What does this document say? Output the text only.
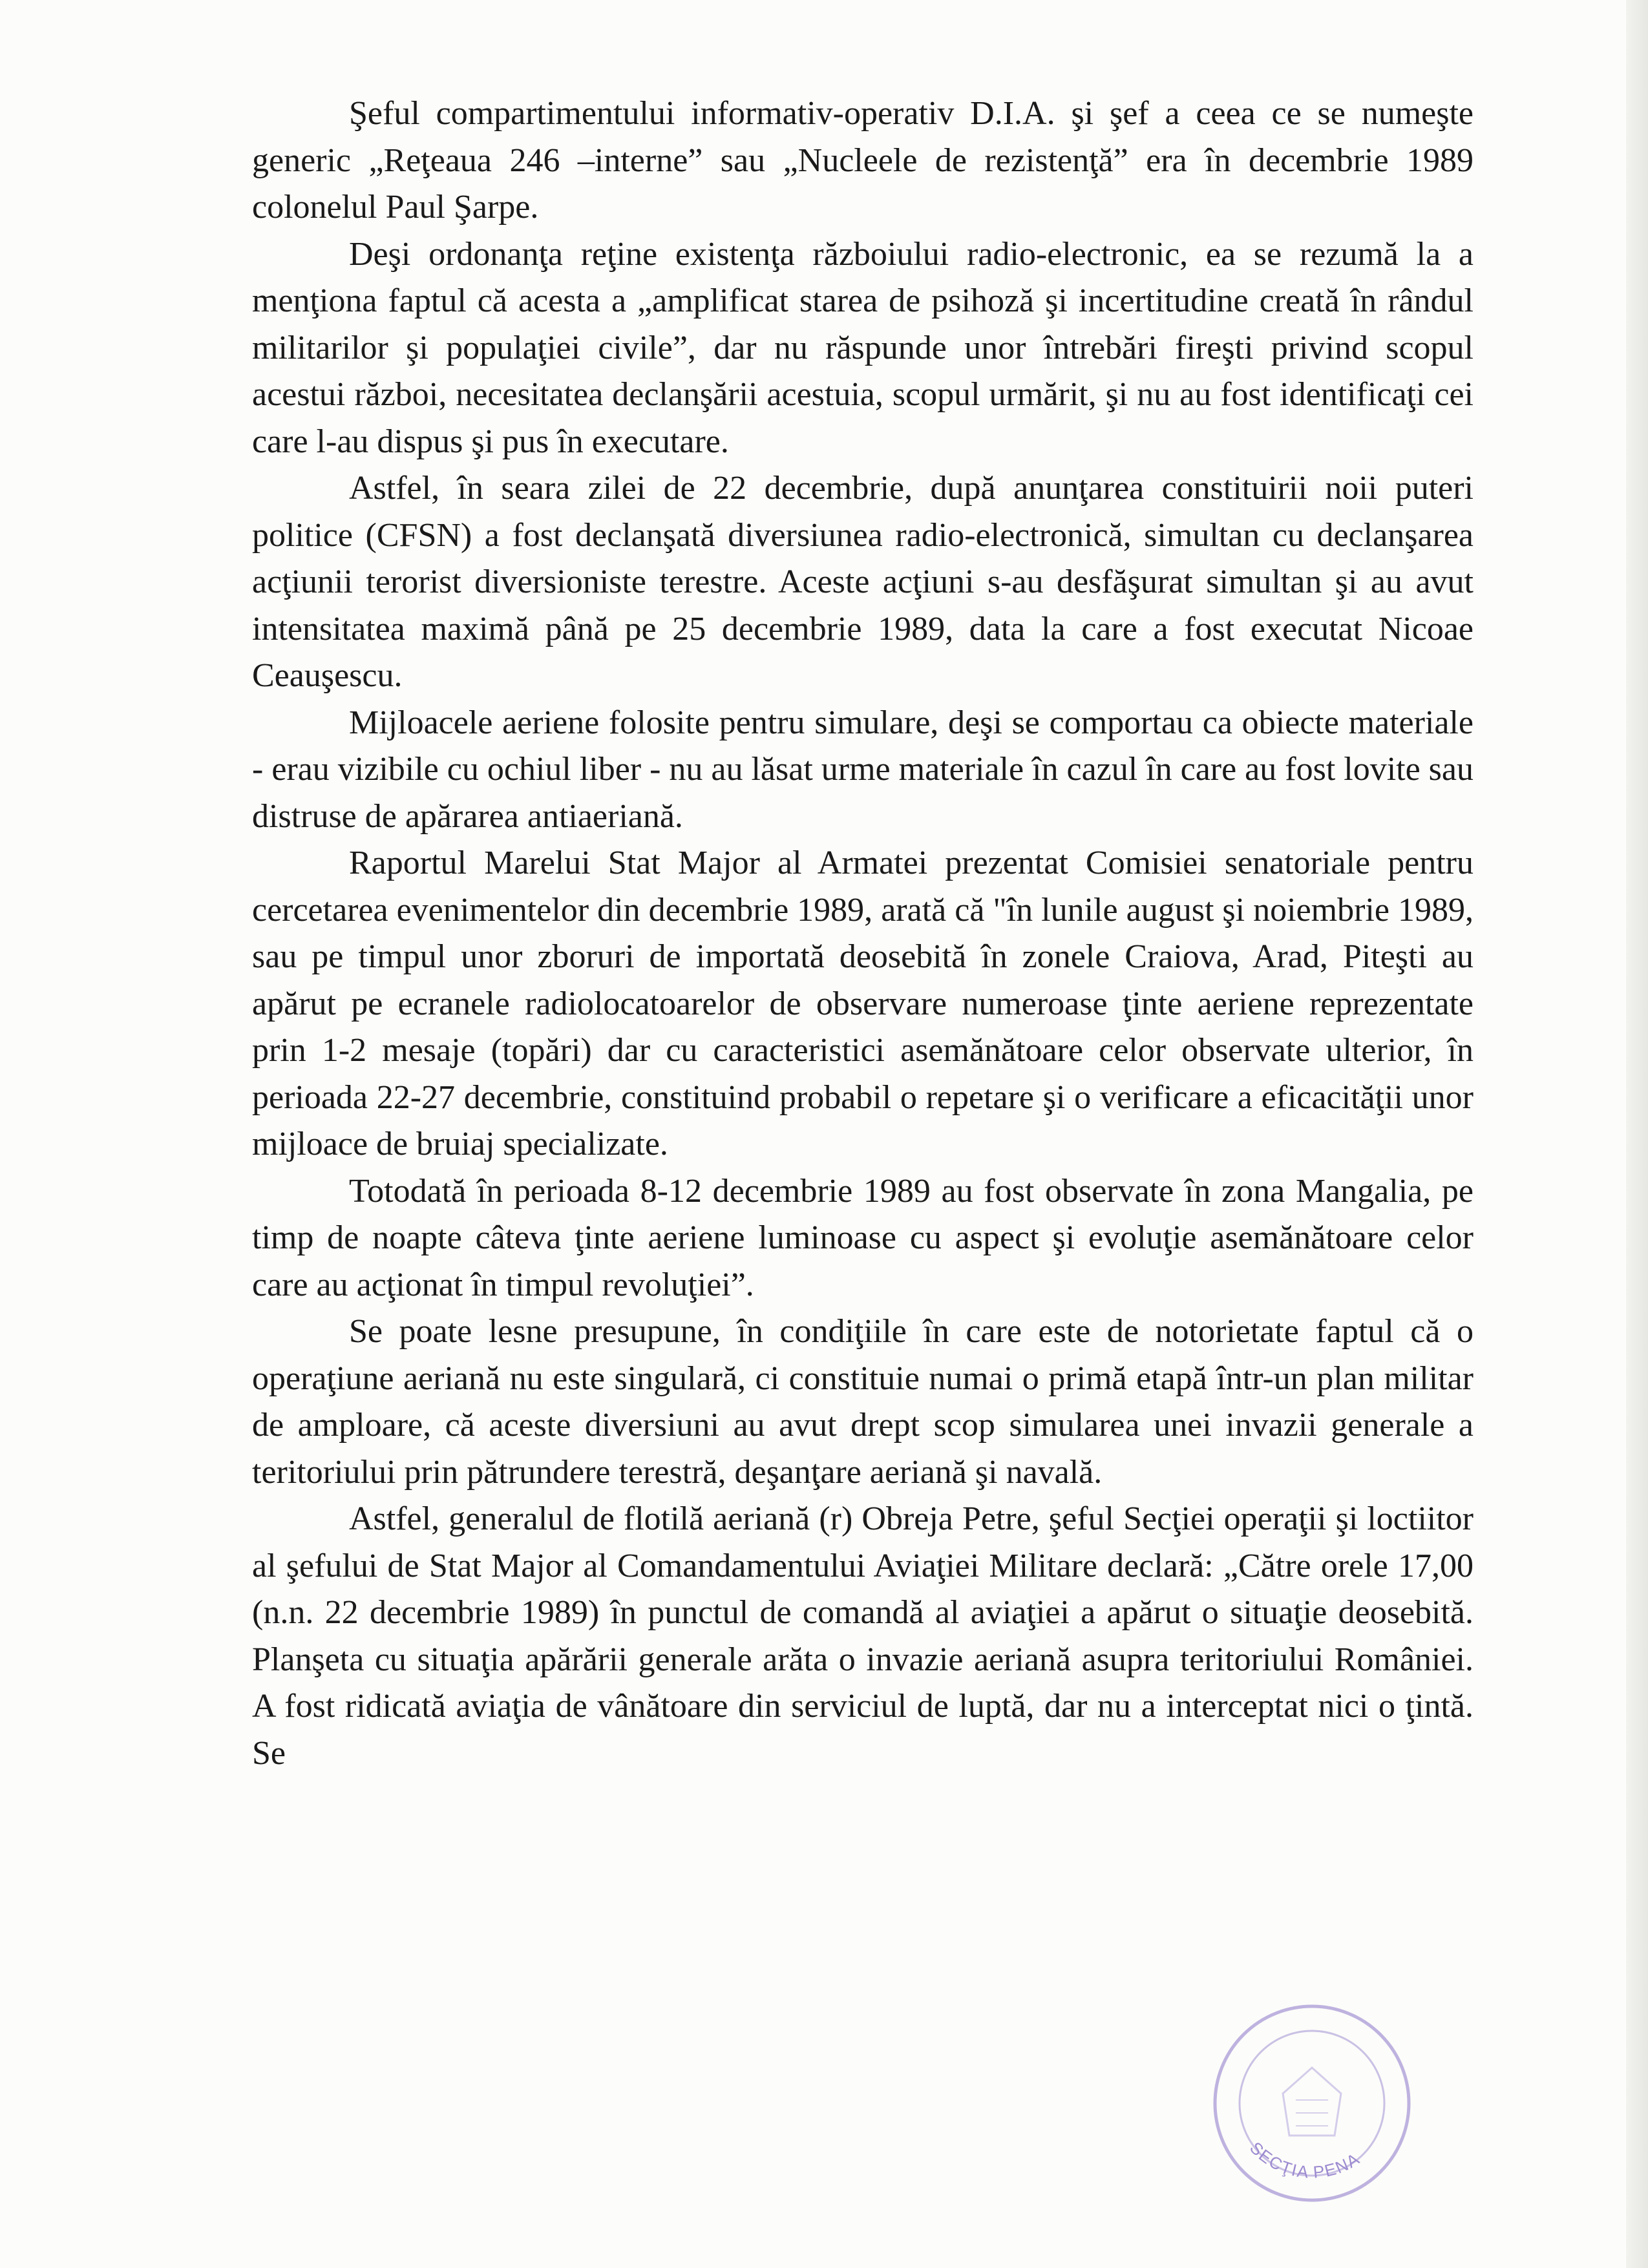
Şeful compartimentului informativ-operativ D.I.A. şi şef a ceea ce se numeşte generic „Reţeaua 246 –interne” sau „Nucleele de rezistenţă” era în decembrie 1989 colonelul Paul Şarpe.

Deşi ordonanţa reţine existenţa războiului radio-electronic, ea se rezumă la a menţiona faptul că acesta a „amplificat starea de psihoză şi incertitudine creată în rândul militarilor şi populaţiei civile”, dar nu răspunde unor întrebări fireşti privind scopul acestui război, necesitatea declanşării acestuia, scopul urmărit, şi nu au fost identificaţi cei care l-au dispus şi pus în executare.

Astfel, în seara zilei de 22 decembrie, după anunţarea constituirii noii puteri politice (CFSN) a fost declanşată diversiunea radio-electronică, simultan cu declanşarea acţiunii terorist diversioniste terestre. Aceste acţiuni s-au desfăşurat simultan şi au avut intensitatea maximă până pe 25 decembrie 1989, data la care a fost executat Nicoae Ceauşescu.

Mijloacele aeriene folosite pentru simulare, deşi se comportau ca obiecte materiale - erau vizibile cu ochiul liber - nu au lăsat urme materiale în cazul în care au fost lovite sau distruse de apărarea antiaeriană.

Raportul Marelui Stat Major al Armatei prezentat Comisiei senatoriale pentru cercetarea evenimentelor din decembrie 1989, arată că "în lunile august şi noiembrie 1989, sau pe timpul unor zboruri de importată deosebită în zonele Craiova, Arad, Piteşti au apărut pe ecranele radiolocatoarelor de observare numeroase ţinte aeriene reprezentate prin 1-2 mesaje (topări) dar cu caracteristici asemănătoare celor observate ulterior, în perioada 22-27 decembrie, constituind probabil o repetare şi o verificare a eficacităţii unor mijloace de bruiaj specializate.

Totodată în perioada 8-12 decembrie 1989 au fost observate în zona Mangalia, pe timp de noapte câteva ţinte aeriene luminoase cu aspect şi evoluţie asemănătoare celor care au acţionat în timpul revoluţiei”.

Se poate lesne presupune, în condiţiile în care este de notorietate faptul că o operaţiune aeriană nu este singulară, ci constituie numai o primă etapă într-un plan militar de amploare, că aceste diversiuni au avut drept scop simularea unei invazii generale a teritoriului prin pătrundere terestră, deşanţare aeriană şi navală.

Astfel, generalul de flotilă aeriană (r) Obreja Petre, şeful Secţiei operaţii şi loctiitor al şefului de Stat Major al Comandamentului Aviaţiei Militare declară: „Către orele 17,00 (n.n. 22 decembrie 1989) în punctul de comandă al aviaţiei a apărut o situaţie deosebită. Planşeta cu situaţia apărării generale arăta o invazie aeriană asupra teritoriului României. A fost ridicată aviaţia de vânătoare din serviciul de luptă, dar nu a interceptat nici o ţintă. Se

SECŢIA PENA
